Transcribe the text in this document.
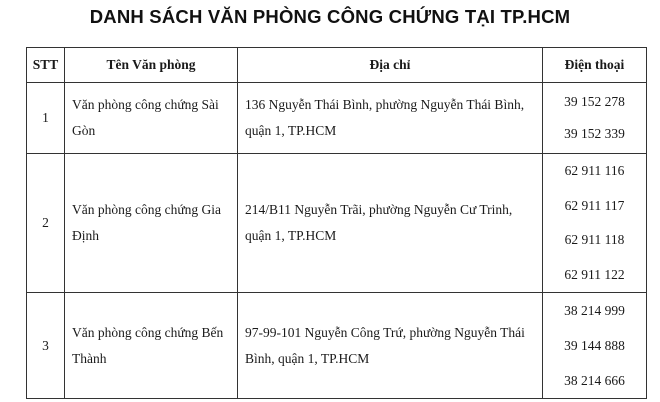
DANH SÁCH VĂN PHÒNG CÔNG CHỨNG TẠI TP.HCM
STT	Tên Văn phòng	Địa chỉ	Điện thoại
1	Văn phòng công chứng Sài Gòn	136 Nguyễn Thái Bình, phường Nguyễn Thái Bình, quận 1, TP.HCM	39 152 278
39 152 339

2	Văn phòng công chứng Gia Định	214/B11 Nguyễn Trãi, phường Nguyễn Cư Trinh, quận 1, TP.HCM	62 911 116
62 911 117
62 911 118
62 911 122

3	Văn phòng công chứng Bến Thành	97-99-101 Nguyễn Công Trứ, phường Nguyễn Thái Bình, quận 1, TP.HCM	38 214 999
39 144 888
38 214 666
